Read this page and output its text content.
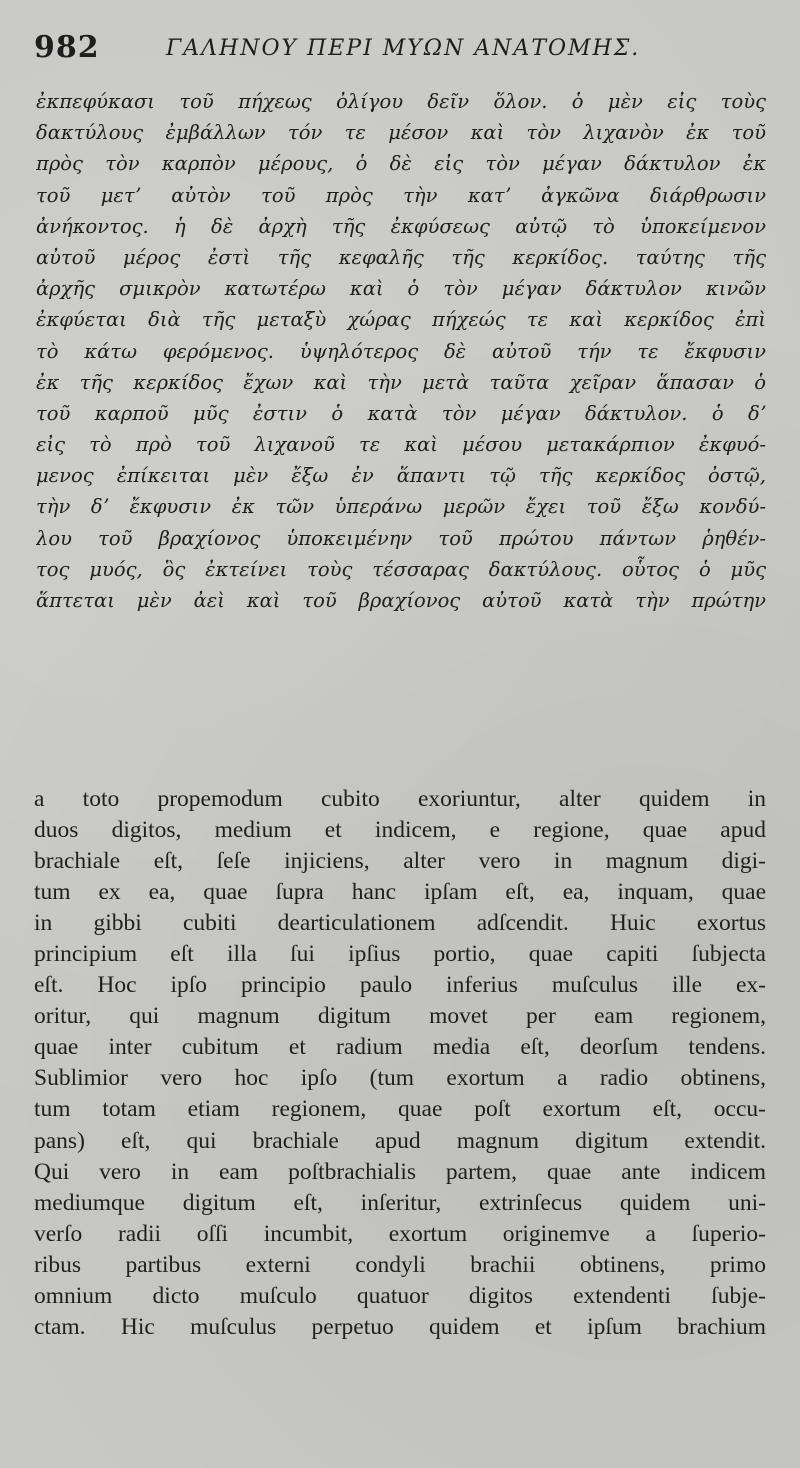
982	ΓΑΛΗΝΟΥ ΠΕΡΙ ΜΥΩΝ ΑΝΑΤΟΜΗΣ.
ἐκπεφύκασι τοῦ πήχεως ὀλίγου δεῖν ὅλον. ὁ μὲν εἰς τοὺς
δακτύλους ἐμβάλλων τόν τε μέσον καὶ τὸν λιχανὸν ἐκ τοῦ
πρὸς τὸν καρπὸν μέρους, ὁ δὲ εἰς τὸν μέγαν δάκτυλον ἐκ
τοῦ μετʼ αὐτὸν τοῦ πρὸς τὴν κατʼ ἀγκῶνα διάρθρωσιν
ἀνήκοντος. ἡ δὲ ἀρχὴ τῆς ἐκφύσεως αὐτῷ τὸ ὑποκείμενον
αὐτοῦ μέρος ἐστὶ τῆς κεφαλῆς τῆς κερκίδος. ταύτης τῆς
ἀρχῆς σμικρὸν κατωτέρω καὶ ὁ τὸν μέγαν δάκτυλον κινῶν
ἐκφύεται διὰ τῆς μεταξὺ χώρας πήχεώς τε καὶ κερκίδος ἐπὶ
τὸ κάτω φερόμενος. ὑψηλότερος δὲ αὐτοῦ τήν τε ἔκφυσιν
ἐκ τῆς κερκίδος ἔχων καὶ τὴν μετὰ ταῦτα χεῖραν ἅπασαν ὁ
τοῦ καρποῦ μῦς ἐστιν ὁ κατὰ τὸν μέγαν δάκτυλον. ὁ δʼ
εἰς τὸ πρὸ τοῦ λιχανοῦ τε καὶ μέσου μετακάρπιον ἐκφυό-
μενος ἐπίκειται μὲν ἔξω ἐν ἅπαντι τῷ τῆς κερκίδος ὀστῷ,
τὴν δʼ ἔκφυσιν ἐκ τῶν ὑπεράνω μερῶν ἔχει τοῦ ἔξω κονδύ-
λου τοῦ βραχίονος ὑποκειμένην τοῦ πρώτου πάντων ῥηθέν-
τος μυός, ὃς ἐκτείνει τοὺς τέσσαρας δακτύλους. οὗτος ὁ μῦς
ἅπτεται μὲν ἀεὶ καὶ τοῦ βραχίονος αὐτοῦ κατὰ τὴν πρώτην
a toto propemodum cubito exoriuntur, alter quidem in
duos digitos, medium et indicem, e regione, quae apud
brachiale eſt, ſeſe injiciens, alter vero in magnum digi-
tum ex ea, quae ſupra hanc ipſam eſt, ea, inquam, quae
in gibbi cubiti dearticulationem adſcendit. Huic exortus
principium eſt illa ſui ipſius portio, quae capiti ſubjecta
eſt. Hoc ipſo principio paulo inferius muſculus ille ex-
oritur, qui magnum digitum movet per eam regionem,
quae inter cubitum et radium media eſt, deorſum tendens.
Sublimior vero hoc ipſo (tum exortum a radio obtinens,
tum totam etiam regionem, quae poſt exortum eſt, occu-
pans) eſt, qui brachiale apud magnum digitum extendit.
Qui vero in eam poſtbrachialis partem, quae ante indicem
mediumque digitum eſt, inſeritur, extrinſecus quidem uni-
verſo radii oſſi incumbit, exortum originemve a ſuperio-
ribus partibus externi condyli brachii obtinens, primo
omnium dicto muſculo quatuor digitos extendenti ſubje-
ctam. Hic muſculus perpetuo quidem et ipſum brachium
